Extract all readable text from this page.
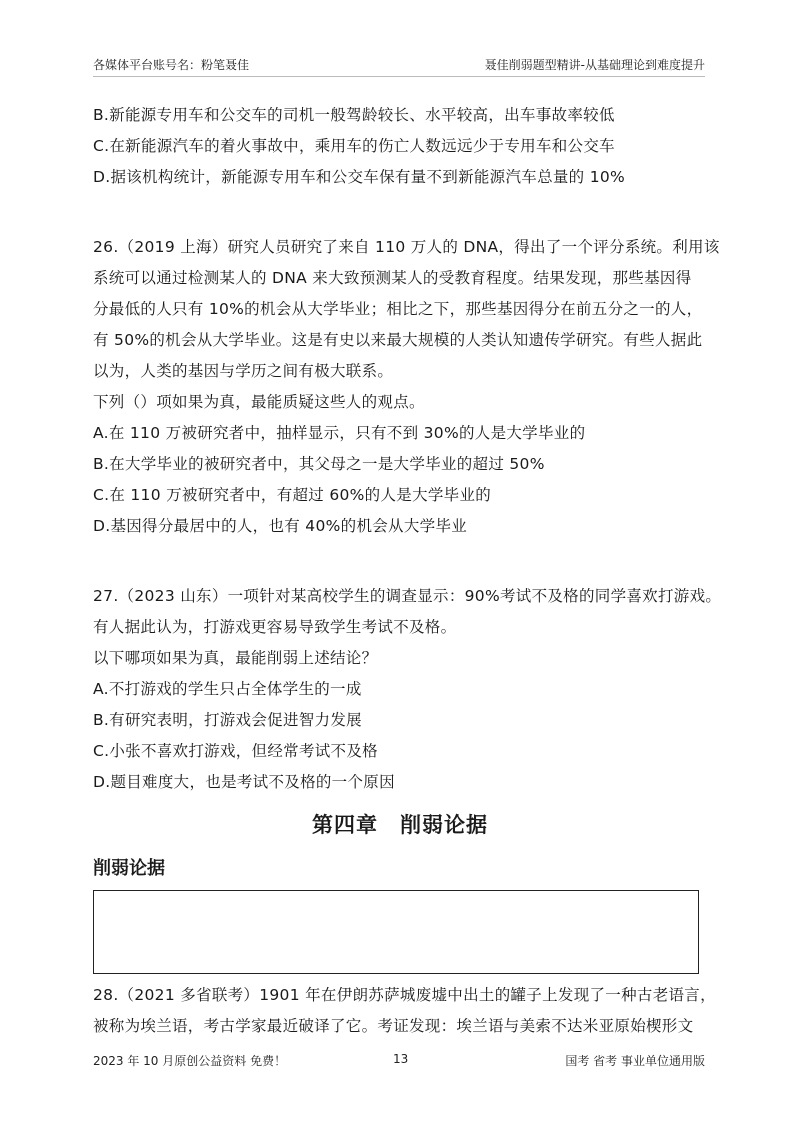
各媒体平台账号名：粉笔聂佳	聂佳削弱题型精讲-从基础理论到难度提升
B.新能源专用车和公交车的司机一般驾龄较长、水平较高，出车事故率较低
C.在新能源汽车的着火事故中，乘用车的伤亡人数远远少于专用车和公交车
D.据该机构统计，新能源专用车和公交车保有量不到新能源汽车总量的 10%
26.（2019 上海）研究人员研究了来自 110 万人的 DNA，得出了一个评分系统。利用该
系统可以通过检测某人的 DNA 来大致预测某人的受教育程度。结果发现，那些基因得
分最低的人只有 10%的机会从大学毕业；相比之下，那些基因得分在前五分之一的人，
有 50%的机会从大学毕业。这是有史以来最大规模的人类认知遗传学研究。有些人据此
以为，人类的基因与学历之间有极大联系。
下列（）项如果为真，最能质疑这些人的观点。
A.在 110 万被研究者中，抽样显示，只有不到 30%的人是大学毕业的
B.在大学毕业的被研究者中，其父母之一是大学毕业的超过 50%
C.在 110 万被研究者中，有超过 60%的人是大学毕业的
D.基因得分最居中的人，也有 40%的机会从大学毕业
27.（2023 山东）一项针对某高校学生的调查显示：90%考试不及格的同学喜欢打游戏。
有人据此认为，打游戏更容易导致学生考试不及格。
以下哪项如果为真，最能削弱上述结论？
A.不打游戏的学生只占全体学生的一成
B.有研究表明，打游戏会促进智力发展
C.小张不喜欢打游戏，但经常考试不及格
D.题目难度大，也是考试不及格的一个原因
第四章　削弱论据
削弱论据
28.（2021 多省联考）1901 年在伊朗苏萨城废墟中出土的罐子上发现了一种古老语言，
被称为埃兰语，考古学家最近破译了它。考证发现：埃兰语与美索不达米亚原始楔形文
2023 年 10 月原创公益资料 免费！	13	国考 省考 事业单位通用版
